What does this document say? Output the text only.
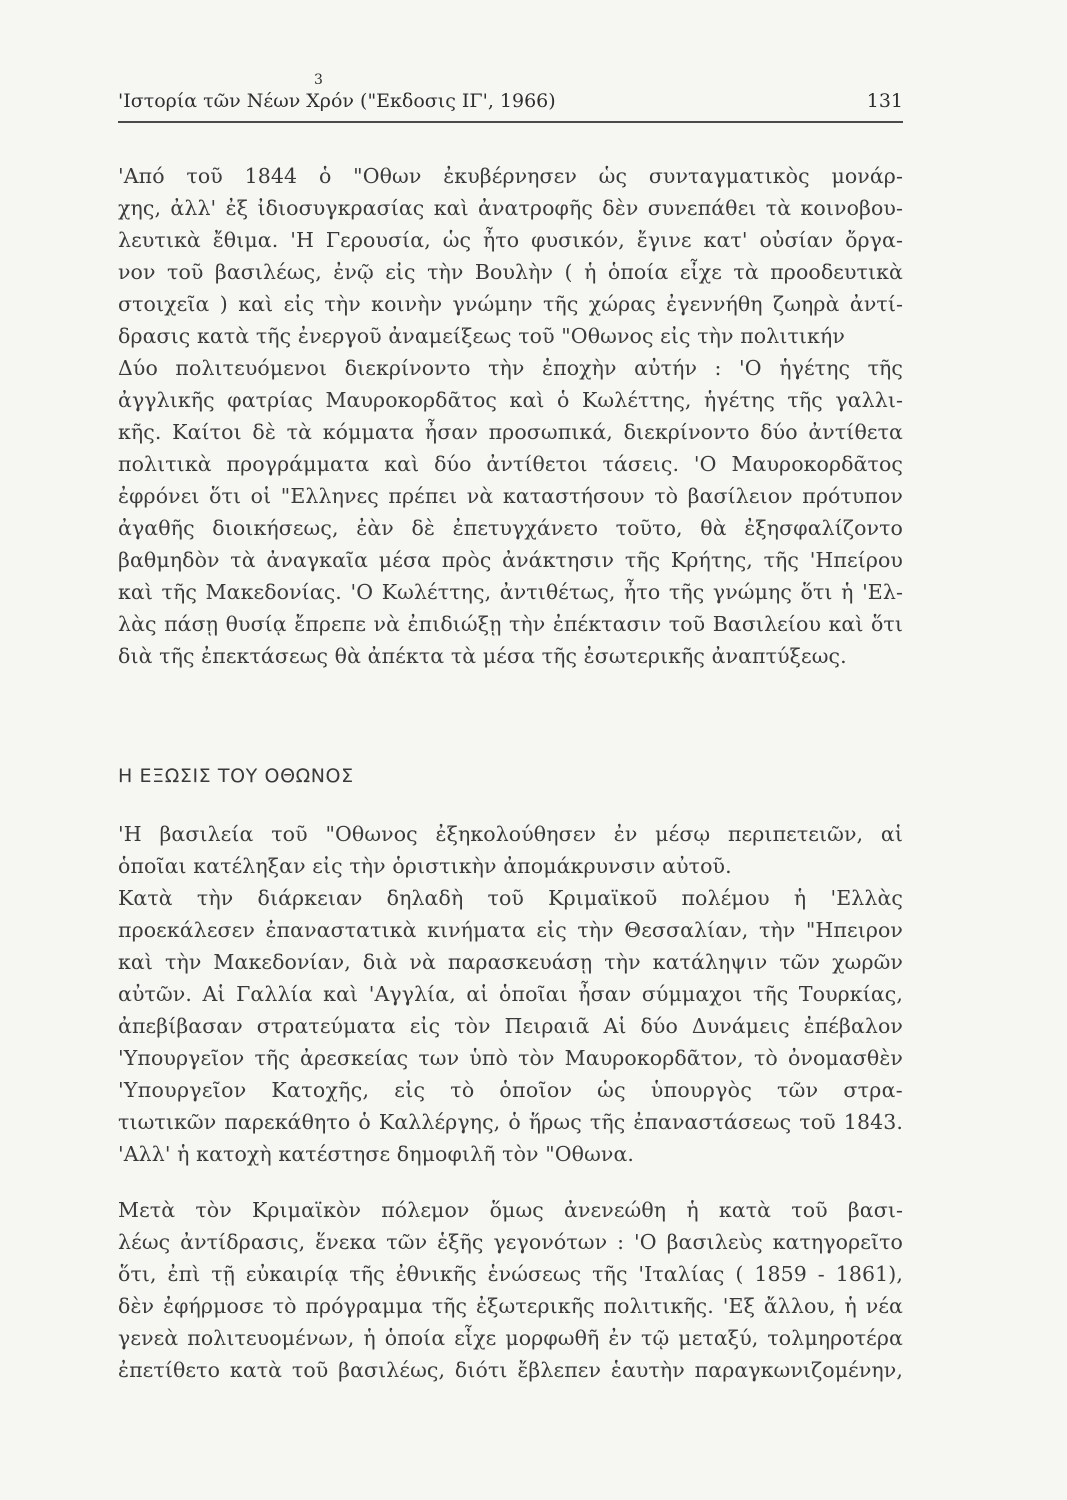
'Ιστορία τῶν Νέων Χρόν ("Εκδοσις ΙΓ', 1966)
3
131
'Από τοῦ 1844 ὁ "Οθων ἐκυβέρνησεν ὡς συνταγματικὸς μονάρ-
χης, ἀλλ' ἐξ ἰδιοσυγκρασίας καὶ ἀνατροφῆς δὲν συνεπάθει τὰ κοινοβου-
λευτικὰ ἔθιμα. 'Η Γερουσία, ὡς ἦτο φυσικόν, ἔγινε κατ' οὐσίαν ὄργα-
νον τοῦ βασιλέως, ἐνῷ εἰς τὴν Βουλὴν ( ἡ ὁποία εἶχε τὰ προοδευτικὰ
στοιχεῖα ) καὶ εἰς τὴν κοινὴν γνώμην τῆς χώρας ἐγεννήθη ζωηρὰ ἀντί-
δρασις κατὰ τῆς ἐνεργοῦ ἀναμείξεως τοῦ "Οθωνος εἰς τὴν πολιτικήν
Δύο πολιτευόμενοι διεκρίνοντο τὴν ἐποχὴν αὐτήν : 'Ο ἡγέτης τῆς
ἀγγλικῆς φατρίας Μαυροκορδᾶτος καὶ ὁ Κωλέττης, ἡγέτης τῆς γαλλι-
κῆς. Καίτοι δὲ τὰ κόμματα ἦσαν προσωπικά, διεκρίνοντο δύο ἀντίθετα
πολιτικὰ προγράμματα καὶ δύο ἀντίθετοι τάσεις. 'Ο Μαυροκορδᾶτος
ἐφρόνει ὅτι οἱ "Ελληνες πρέπει νὰ καταστήσουν τὸ βασίλειον πρότυπον
ἀγαθῆς διοικήσεως, ἐὰν δὲ ἐπετυγχάνετο τοῦτο, θὰ ἐξησφαλίζοντο
βαθμηδὸν τὰ ἀναγκαῖα μέσα πρὸς ἀνάκτησιν τῆς Κρήτης, τῆς 'Ηπείρου
καὶ τῆς Μακεδονίας. 'Ο Κωλέττης, ἀντιθέτως, ἦτο τῆς γνώμης ὅτι ἡ 'Ελ-
λὰς πάσῃ θυσίᾳ ἔπρεπε νὰ ἐπιδιώξῃ τὴν ἐπέκτασιν τοῦ Βασιλείου καὶ ὅτι
διὰ τῆς ἐπεκτάσεως θὰ ἀπέκτα τὰ μέσα τῆς ἐσωτερικῆς ἀναπτύξεως.
Η ΕΞΩΣΙΣ ΤΟΥ ΟΘΩΝΟΣ
'Η βασιλεία τοῦ "Οθωνος ἐξηκολούθησεν ἐν μέσῳ περιπετειῶν, αἱ
ὁποῖαι κατέληξαν εἰς τὴν ὁριστικὴν ἀπομάκρυνσιν αὐτοῦ.
Κατὰ τὴν διάρκειαν δηλαδὴ τοῦ Κριμαϊκοῦ πολέμου ἡ 'Ελλὰς
προεκάλεσεν ἐπαναστατικὰ κινήματα εἰς τὴν Θεσσαλίαν, τὴν "Ηπειρον
καὶ τὴν Μακεδονίαν, διὰ νὰ παρασκευάσῃ τὴν κατάληψιν τῶν χωρῶν
αὐτῶν. Αἱ Γαλλία καὶ 'Αγγλία, αἱ ὁποῖαι ἦσαν σύμμαχοι τῆς Τουρκίας,
ἀπεβίβασαν στρατεύματα εἰς τὸν Πειραιᾶ Αἱ δύο Δυνάμεις ἐπέβαλον
'Υπουργεῖον τῆς ἀρεσκείας των ὑπὸ τὸν Μαυροκορδᾶτον, τὸ ὀνομασθὲν
'Υπουργεῖον Κατοχῆς, εἰς τὸ ὁποῖον ὡς ὑπουργὸς τῶν στρα-
τιωτικῶν παρεκάθητο ὁ Καλλέργης, ὁ ἥρως τῆς ἐπαναστάσεως τοῦ 1843.
'Αλλ' ἡ κατοχὴ κατέστησε δημοφιλῆ τὸν "Οθωνα.
Μετὰ τὸν Κριμαϊκὸν πόλεμον ὅμως ἀνενεώθη ἡ κατὰ τοῦ βασι-
λέως ἀντίδρασις, ἕνεκα τῶν ἑξῆς γεγονότων : 'Ο βασιλεὺς κατηγορεῖτο
ὅτι, ἐπὶ τῇ εὐκαιρίᾳ τῆς ἐθνικῆς ἑνώσεως τῆς 'Ιταλίας ( 1859 - 1861),
δὲν ἐφήρμοσε τὸ πρόγραμμα τῆς ἐξωτερικῆς πολιτικῆς. 'Εξ ἄλλου, ἡ νέα
γενεὰ πολιτευομένων, ἡ ὁποία εἶχε μορφωθῆ ἐν τῷ μεταξύ, τολμηροτέρα
ἐπετίθετο κατὰ τοῦ βασιλέως, διότι ἔβλεπεν ἑαυτὴν παραγκωνιζομένην,
